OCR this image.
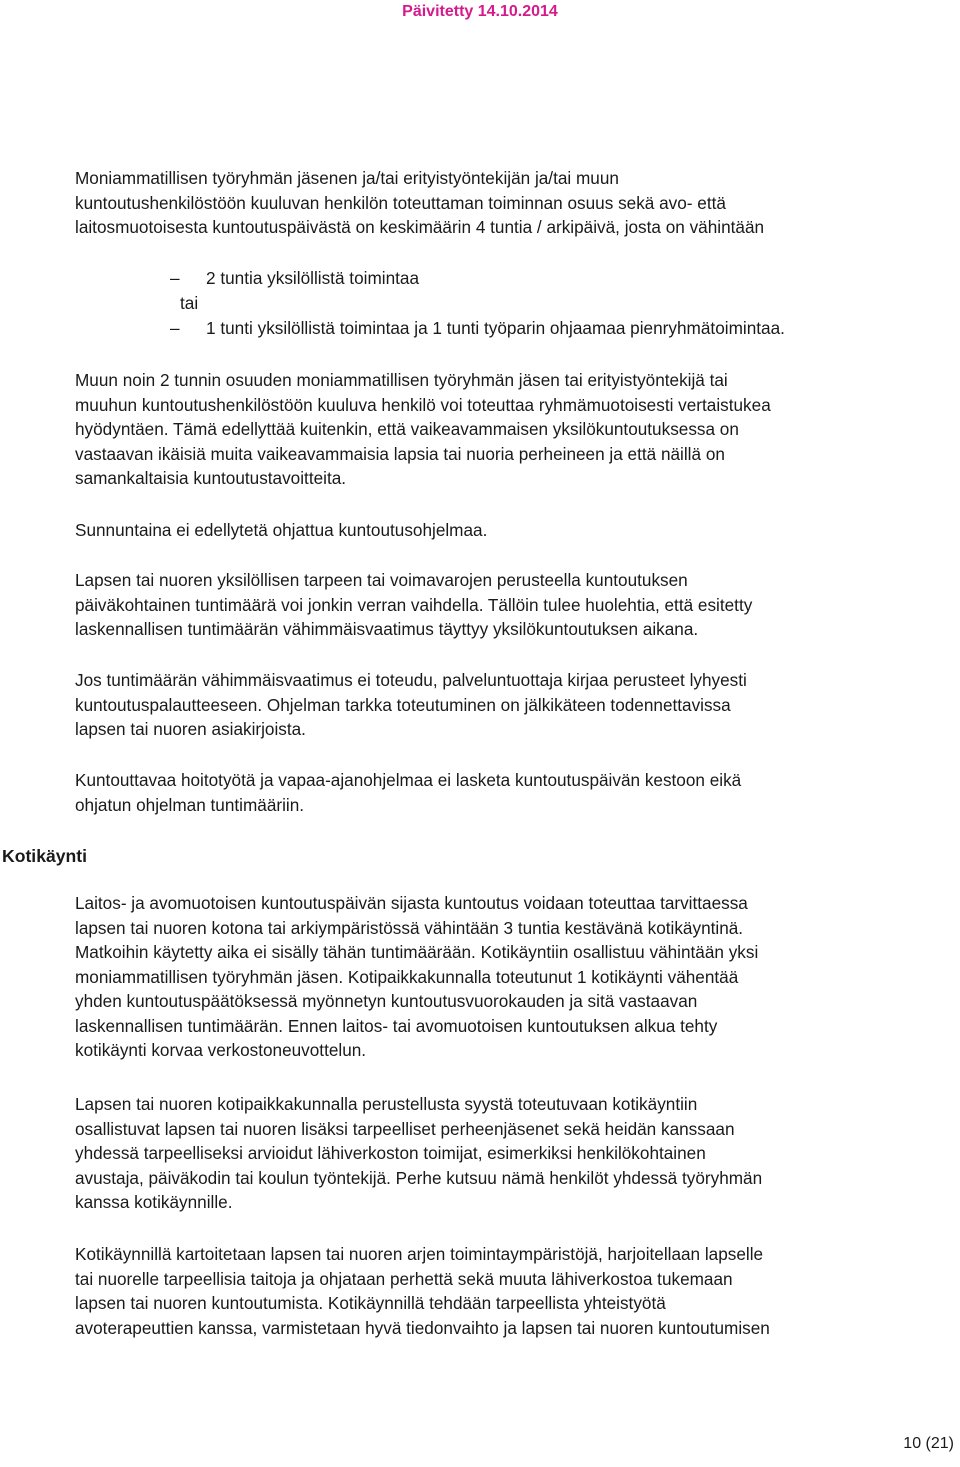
Päivitetty 14.10.2014
Moniammatillisen työryhmän jäsenen ja/tai erityistyöntekijän ja/tai muun
kuntoutushenkilöstöön kuuluvan henkilön toteuttaman toiminnan osuus sekä avo- että
laitosmuotoisesta kuntoutuspäivästä on keskimäärin 4 tuntia / arkipäivä, josta on vähintään
– 2 tuntia yksilöllistä toimintaa
tai
– 1 tunti yksilöllistä toimintaa ja 1 tunti työparin ohjaamaa pienryhmätoimintaa.
Muun noin 2 tunnin osuuden moniammatillisen työryhmän jäsen tai erityistyöntekijä tai
muuhun kuntoutushenkilöstöön kuuluva henkilö voi toteuttaa ryhmämuotoisesti vertaistukea
hyödyntäen. Tämä edellyttää kuitenkin, että vaikeavammaisen yksilökuntoutuksessa on
vastaavan ikäisiä muita vaikeavammaisia lapsia tai nuoria perheineen ja että näillä on
samankaltaisia kuntoutustavoitteita.
Sunnuntaina ei edellytetä ohjattua kuntoutusohjelmaa.
Lapsen tai nuoren yksilöllisen tarpeen tai voimavarojen perusteella kuntoutuksen
päiväkohtainen tuntimäärä voi jonkin verran vaihdella. Tällöin tulee huolehtia, että esitetty
laskennallisen tuntimäärän vähimmäisvaatimus täyttyy yksilökuntoutuksen aikana.
Jos tuntimäärän vähimmäisvaatimus ei toteudu, palveluntuottaja kirjaa perusteet lyhyesti
kuntoutuspalautteeseen. Ohjelman tarkka toteutuminen on jälkikäteen todennettavissa
lapsen tai nuoren asiakirjoista.
Kuntouttavaa hoitotyötä ja vapaa-ajanohjelmaa ei lasketa kuntoutuspäivän kestoon eikä
ohjatun ohjelman tuntimääriin.
Kotikäynti
Laitos- ja avomuotoisen kuntoutuspäivän sijasta kuntoutus voidaan toteuttaa tarvittaessa
lapsen tai nuoren kotona tai arkiympäristössä vähintään 3 tuntia kestävänä kotikäyntinä.
Matkoihin käytetty aika ei sisälly tähän tuntimäärään. Kotikäyntiin osallistuu vähintään yksi
moniammatillisen työryhmän jäsen. Kotipaikkakunnalla toteutunut 1 kotikäynti vähentää
yhden kuntoutuspäätöksessä myönnetyn kuntoutusvuorokauden ja sitä vastaavan
laskennallisen tuntimäärän. Ennen laitos- tai avomuotoisen kuntoutuksen alkua tehty
kotikäynti korvaa verkostoneuvottelun.
Lapsen tai nuoren kotipaikkakunnalla perustellusta syystä toteutuvaan kotikäyntiin
osallistuvat lapsen tai nuoren lisäksi tarpeelliset perheenjäsenet sekä heidän kanssaan
yhdessä tarpeelliseksi arvioidut lähiverkoston toimijat, esimerkiksi henkilökohtainen
avustaja, päiväkodin tai koulun työntekijä. Perhe kutsuu nämä henkilöt yhdessä työryhmän
kanssa kotikäynnille.
Kotikäynnillä kartoitetaan lapsen tai nuoren arjen toimintaympäristöjä, harjoitellaan lapselle
tai nuorelle tarpeellisia taitoja ja ohjataan perhettä sekä muuta lähiverkostoa tukemaan
lapsen tai nuoren kuntoutumista. Kotikäynnillä tehdään tarpeellista yhteistyötä
avoterapeuttien kanssa, varmistetaan hyvä tiedonvaihto ja lapsen tai nuoren kuntoutumisen
10 (21)
